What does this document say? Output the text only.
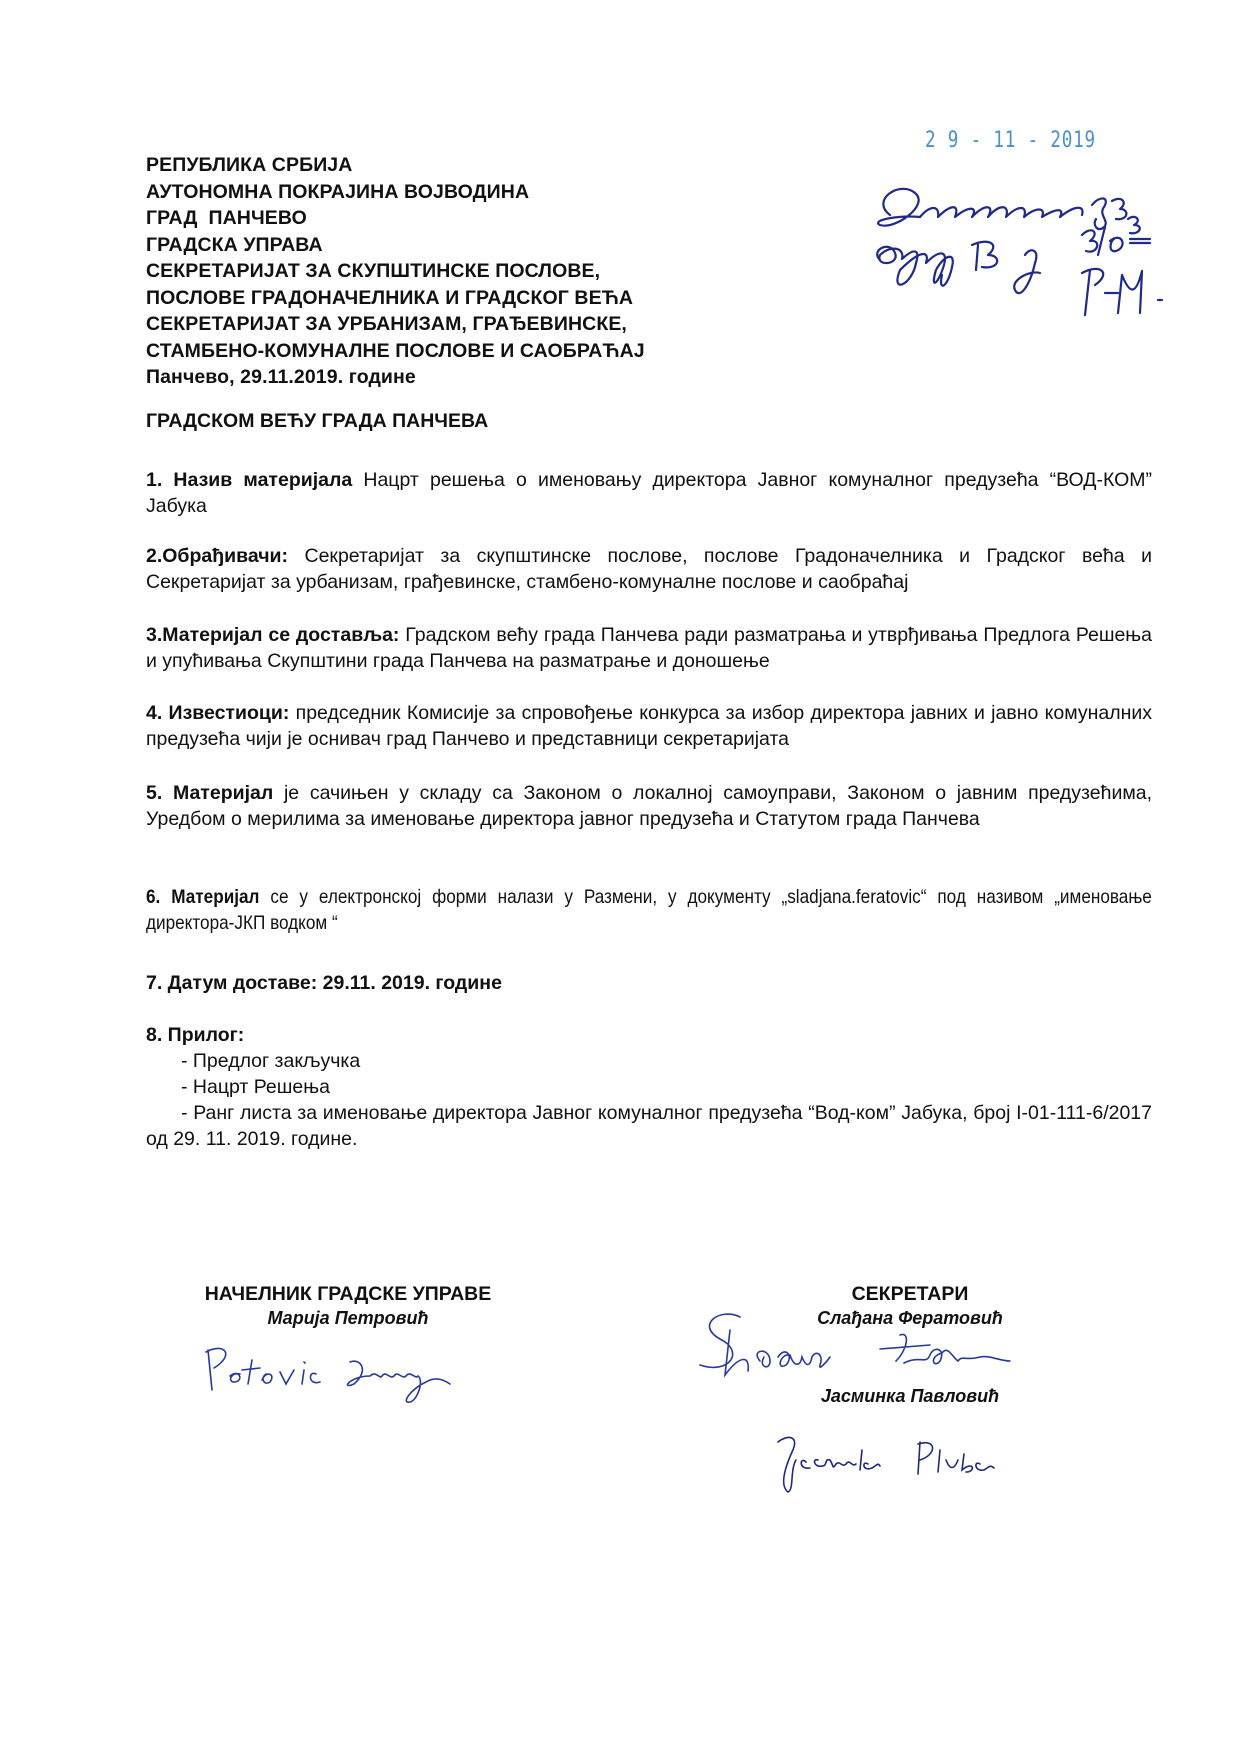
2 9 - 11 - 2019
РЕПУБЛИКА СРБИЈА
АУТОНОМНА ПОКРАЈИНА ВОЈВОДИНА
ГРАД  ПАНЧЕВО
ГРАДСКА УПРАВА
СЕКРЕТАРИЈАТ ЗА СКУПШТИНСКЕ ПОСЛОВЕ,
ПОСЛОВЕ ГРАДОНАЧЕЛНИКА И ГРАДСКОГ ВЕЋА
СЕКРЕТАРИЈАТ ЗА УРБАНИЗАМ, ГРАЂЕВИНСКЕ,
СТАМБЕНО-КОМУНАЛНЕ ПОСЛОВЕ И САОБРАЋАЈ
Панчево, 29.11.2019. године
ГРАДСКОМ ВЕЋУ ГРАДА ПАНЧЕВА
1. Назив материјала Нацрт решења о именовању директора Јавног комуналног предузећа “ВОД-КОМ” Јабука
2.Обрађивачи: Секретаријат за скупштинске послове, послове Градоначелника и Градског већа и Секретаријат за урбанизам, грађевинске, стамбено-комуналне послове и саобраћај
3.Материјал се доставља: Градском већу града Панчева ради разматрања и утврђивања Предлога Решења и упућивања Скупштини града Панчева на разматрање и доношење
4. Известиоци: председник Комисије за спровођење конкурса за избор директора јавних и јавно комуналних предузећа чији је оснивач град Панчево и представници секретаријата
5. Материјал је сачињен у складу са Законом о локалној самоуправи, Законом о јавним предузећима, Уредбом о мерилима за именовање директора јавног предузећа и Статутом града Панчева
6. Материјал се у електронској форми налази у Размени, у документу „sladjana.feratovic“ под називом „именовање директора-ЈКП водком “
7. Датум доставе: 29.11. 2019. године
8. Прилог:
- Предлог закључка
- Нацрт Решења
- Ранг листа за именовање директора Јавног комуналног предузећа “Вод-ком” Јабука, број І-01-111-6/2017 од 29. 11. 2019. године.
НАЧЕЛНИК ГРАДСКЕ УПРАВЕ
Марија Петровић
СЕКРЕТАРИ
Слађана Фератовић
Јасминка Павловић
